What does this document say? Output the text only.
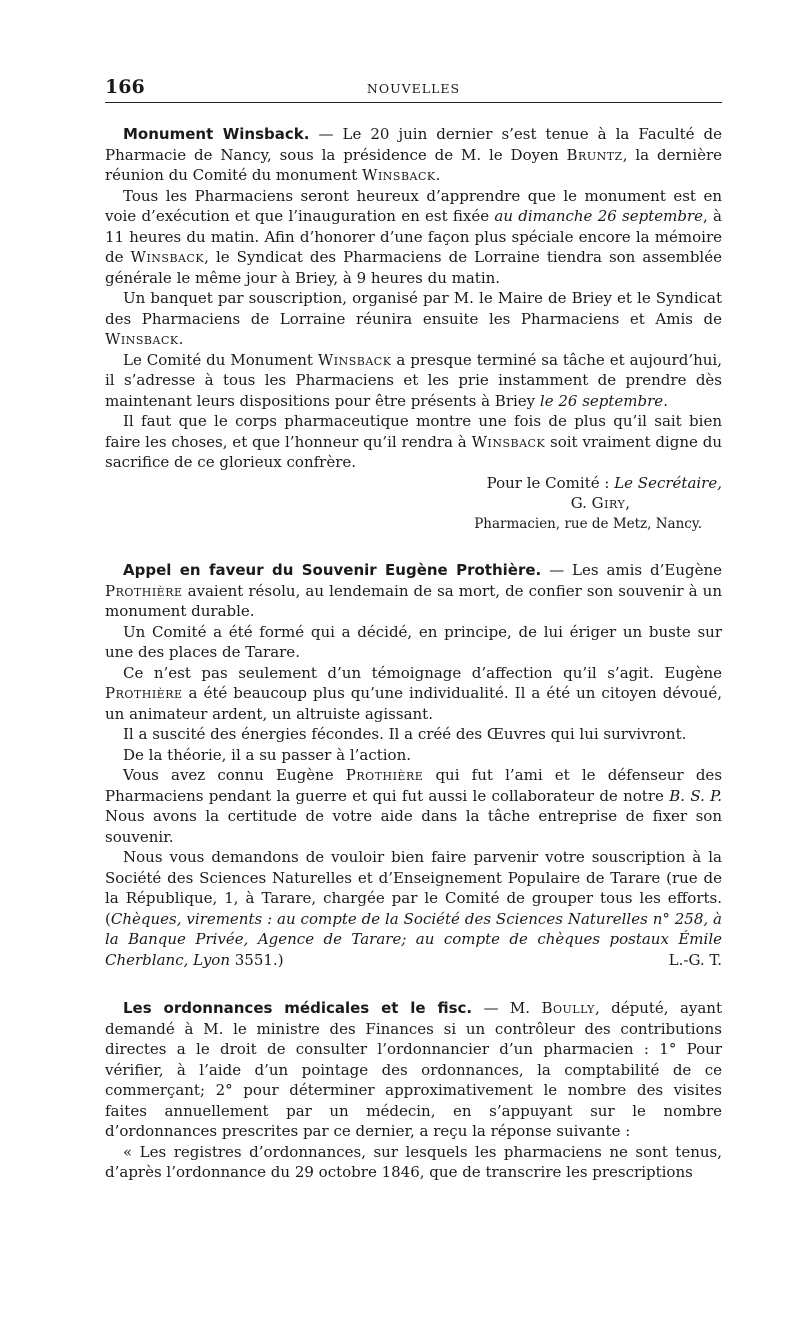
166	NOUVELLES

Monument Winsback. — Le 20 juin dernier s’est tenue à la Faculté de Pharmacie de Nancy, sous la présidence de M. le Doyen Bruntz, la dernière réunion du Comité du monument Winsback.

Tous les Pharmaciens seront heureux d’apprendre que le monument est en voie d’exécution et que l’inauguration en est fixée au dimanche 26 septembre, à 11 heures du matin. Afin d’honorer d’une façon plus spéciale encore la mémoire de Winsback, le Syndicat des Pharmaciens de Lorraine tiendra son assemblée générale le même jour à Briey, à 9 heures du matin.

Un banquet par souscription, organisé par M. le Maire de Briey et le Syndicat des Pharmaciens de Lorraine réunira ensuite les Pharmaciens et Amis de Winsback.

Le Comité du Monument Winsback a presque terminé sa tâche et aujourd’hui, il s’adresse à tous les Pharmaciens et les prie instamment de prendre dès maintenant leurs dispositions pour être présents à Briey le 26 septembre.

Il faut que le corps pharmaceutique montre une fois de plus qu’il sait bien faire les choses, et que l’honneur qu’il rendra à Winsback soit vraiment digne du sacrifice de ce glorieux confrère.

Pour le Comité : Le Secrétaire,
G. Giry,
Pharmacien, rue de Metz, Nancy.

Appel en faveur du Souvenir Eugène Prothière. — Les amis d’Eugène Prothière avaient résolu, au lendemain de sa mort, de confier son souvenir à un monument durable.

Un Comité a été formé qui a décidé, en principe, de lui ériger un buste sur une des places de Tarare.

Ce n’est pas seulement d’un témoignage d’affection qu’il s’agit. Eugène Prothière a été beaucoup plus qu’une individualité. Il a été un citoyen dévoué, un animateur ardent, un altruiste agissant.

Il a suscité des énergies fécondes. Il a créé des Œuvres qui lui survivront.

De la théorie, il a su passer à l’action.

Vous avez connu Eugène Prothière qui fut l’ami et le défenseur des Pharmaciens pendant la guerre et qui fut aussi le collaborateur de notre B. S. P. Nous avons la certitude de votre aide dans la tâche entreprise de fixer son souvenir.

Nous vous demandons de vouloir bien faire parvenir votre souscription à la Société des Sciences Naturelles et d’Enseignement Populaire de Tarare (rue de la République, 1, à Tarare, chargée par le Comité de grouper tous les efforts. (Chèques, virements : au compte de la Société des Sciences Naturelles n° 258, à la Banque Privée, Agence de Tarare; au compte de chèques postaux Émile Cherblanc, Lyon 3551.)	L.-G. T.

Les ordonnances médicales et le fisc. — M. Boully, député, ayant demandé à M. le ministre des Finances si un contrôleur des contributions directes a le droit de consulter l’ordonnancier d’un pharmacien : 1° Pour vérifier, à l’aide d’un pointage des ordonnances, la comptabilité de ce commerçant; 2° pour déterminer approximativement le nombre des visites faites annuellement par un médecin, en s’appuyant sur le nombre d’ordonnances prescrites par ce dernier, a reçu la réponse suivante :

« Les registres d’ordonnances, sur lesquels les pharmaciens ne sont tenus, d’après l’ordonnance du 29 octobre 1846, que de transcrire les prescriptions
